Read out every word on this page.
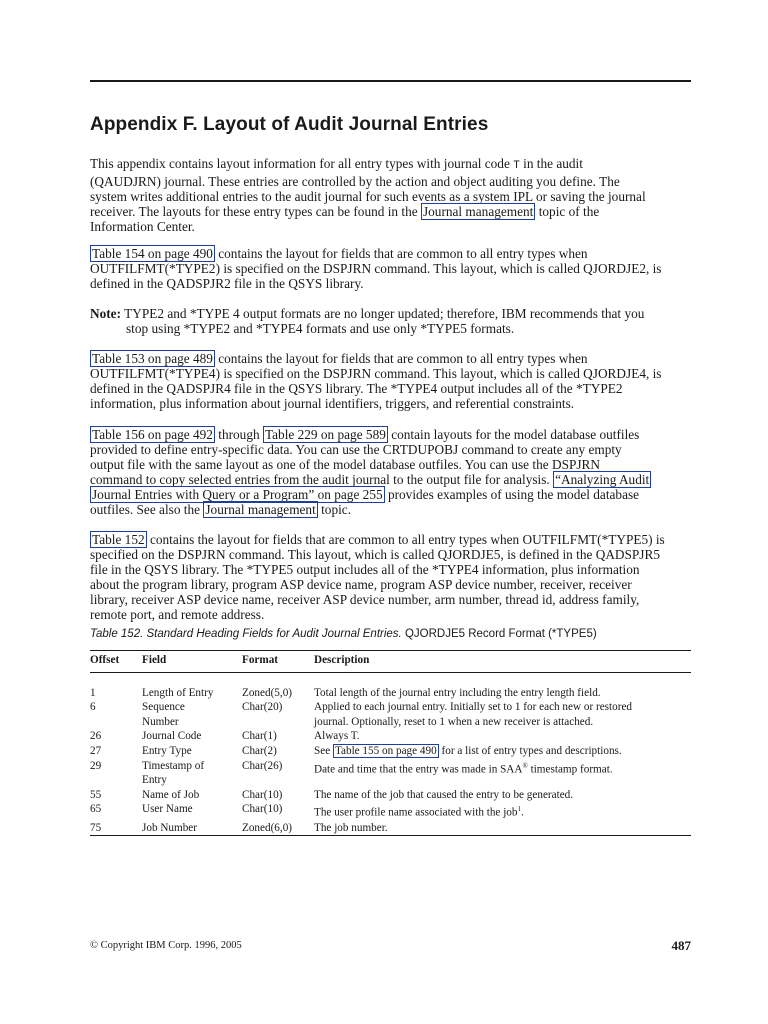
Appendix F. Layout of Audit Journal Entries
This appendix contains layout information for all entry types with journal code T in the audit
(QAUDJRN) journal. These entries are controlled by the action and object auditing you define. The
system writes additional entries to the audit journal for such events as a system IPL or saving the journal
receiver. The layouts for these entry types can be found in the Journal management topic of the
Information Center.
Table 154 on page 490 contains the layout for fields that are common to all entry types when
OUTFILFMT(*TYPE2) is specified on the DSPJRN command. This layout, which is called QJORDJE2, is
defined in the QADSPJR2 file in the QSYS library.
Note: TYPE2 and *TYPE 4 output formats are no longer updated; therefore, IBM recommends that you
stop using *TYPE2 and *TYPE4 formats and use only *TYPE5 formats.
Table 153 on page 489 contains the layout for fields that are common to all entry types when
OUTFILFMT(*TYPE4) is specified on the DSPJRN command. This layout, which is called QJORDJE4, is
defined in the QADSPJR4 file in the QSYS library. The *TYPE4 output includes all of the *TYPE2
information, plus information about journal identifiers, triggers, and referential constraints.
Table 156 on page 492 through Table 229 on page 589 contain layouts for the model database outfiles
provided to define entry-specific data. You can use the CRTDUPOBJ command to create any empty
output file with the same layout as one of the model database outfiles. You can use the DSPJRN
command to copy selected entries from the audit journal to the output file for analysis. “Analyzing Audit
Journal Entries with Query or a Program” on page 255 provides examples of using the model database
outfiles. See also the Journal management topic.
Table 152 contains the layout for fields that are common to all entry types when OUTFILFMT(*TYPE5) is
specified on the DSPJRN command. This layout, which is called QJORDJE5, is defined in the QADSPJR5
file in the QSYS library. The *TYPE5 output includes all of the *TYPE4 information, plus information
about the program library, program ASP device name, program ASP device number, receiver, receiver
library, receiver ASP device name, receiver ASP device number, arm number, thread id, address family,
remote port, and remote address.
Table 152. Standard Heading Fields for Audit Journal Entries. QJORDJE5 Record Format (*TYPE5)
Offset	Field	Format	Description

1	Length of Entry	Zoned(5,0)	Total length of the journal entry including the entry length field.
6	Sequence
Number	Char(20)	Applied to each journal entry. Initially set to 1 for each new or restored
journal. Optionally, reset to 1 when a new receiver is attached.
26	Journal Code	Char(1)	Always T.
27	Entry Type	Char(2)	See Table 155 on page 490 for a list of entry types and descriptions.
29	Timestamp of
Entry	Char(26)	Date and time that the entry was made in SAA® timestamp format.
55	Name of Job	Char(10)	The name of the job that caused the entry to be generated.
65	User Name	Char(10)	The user profile name associated with the job$^1$.
75	Job Number	Zoned(6,0)	The job number.

© Copyright IBM Corp. 1996, 2005	487
